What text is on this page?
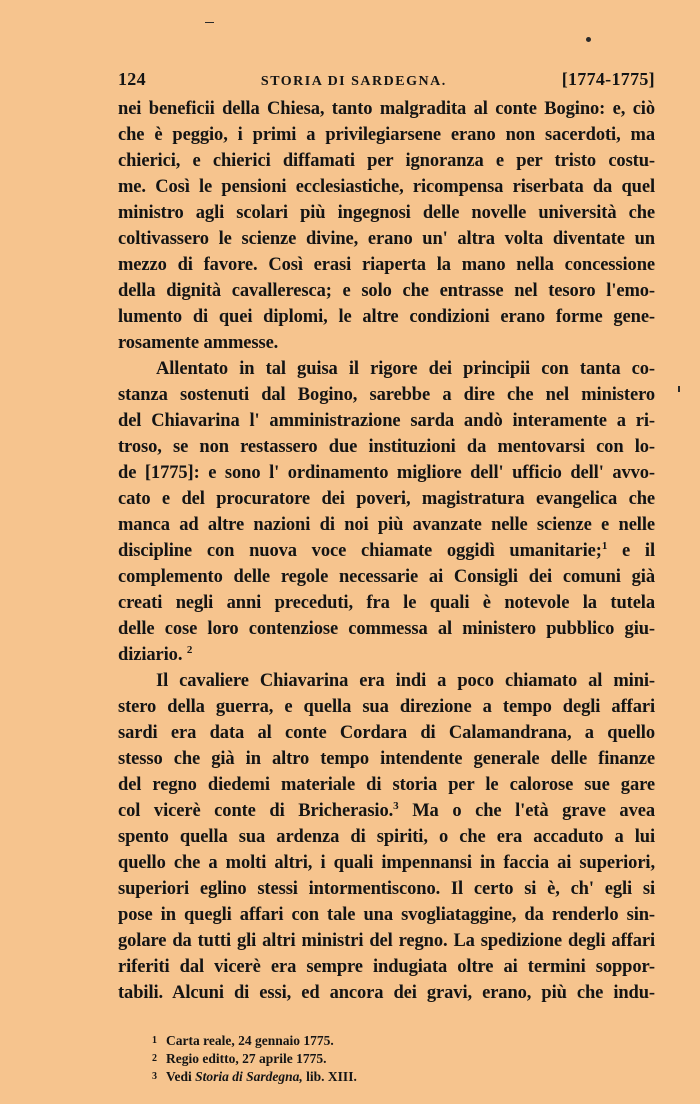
124	STORIA DI SARDEGNA.	[1774-1775]

nei beneficii della Chiesa, tanto malgradita al conte Bogino: e, ciò
che è peggio, i primi a privilegiarsene erano non sacerdoti, ma
chierici, e chierici diffamati per ignoranza e per tristo costu-
me. Così le pensioni ecclesiastiche, ricompensa riserbata da quel
ministro agli scolari più ingegnosi delle novelle università che
coltivassero le scienze divine, erano un' altra volta diventate un
mezzo di favore. Così erasi riaperta la mano nella concessione
della dignità cavalleresca; e solo che entrasse nel tesoro l'emo-
lumento di quei diplomi, le altre condizioni erano forme gene-
rosamente ammesse.

Allentato in tal guisa il rigore dei principii con tanta co-
stanza sostenuti dal Bogino, sarebbe a dire che nel ministero
del Chiavarina l' amministrazione sarda andò interamente a ri-
troso, se non restassero due instituzioni da mentovarsi con lo-
de [1775]: e sono l' ordinamento migliore dell' ufficio dell' avvo-
cato e del procuratore dei poveri, magistratura evangelica che
manca ad altre nazioni di noi più avanzate nelle scienze e nelle
discipline con nuova voce chiamate oggidì umanitarie;$^1$ e il
complemento delle regole necessarie ai Consigli dei comuni già
creati negli anni preceduti, fra le quali è notevole la tutela
delle cose loro contenziose commessa al ministero pubblico giu-
diziario. $^2$

Il cavaliere Chiavarina era indi a poco chiamato al mini-
stero della guerra, e quella sua direzione a tempo degli affari
sardi era data al conte Cordara di Calamandrana, a quello
stesso che già in altro tempo intendente generale delle finanze
del regno diedemi materiale di storia per le calorose sue gare
col vicerè conte di Bricherasio.$^3$ Ma o che l'età grave avea
spento quella sua ardenza di spiriti, o che era accaduto a lui
quello che a molti altri, i quali impennansi in faccia ai superiori,
superiori eglino stessi intormentiscono. Il certo si è, ch' egli si
pose in quegli affari con tale una svogliataggine, da renderlo sin-
golare da tutti gli altri ministri del regno. La spedizione degli affari
riferiti dal vicerè era sempre indugiata oltre ai termini soppor-
tabili. Alcuni di essi, ed ancora dei gravi, erano, più che indu-

1 Carta reale, 24 gennaio 1775.
2 Regio editto, 27 aprile 1775.
3 Vedi Storia di Sardegna, lib. XIII.
